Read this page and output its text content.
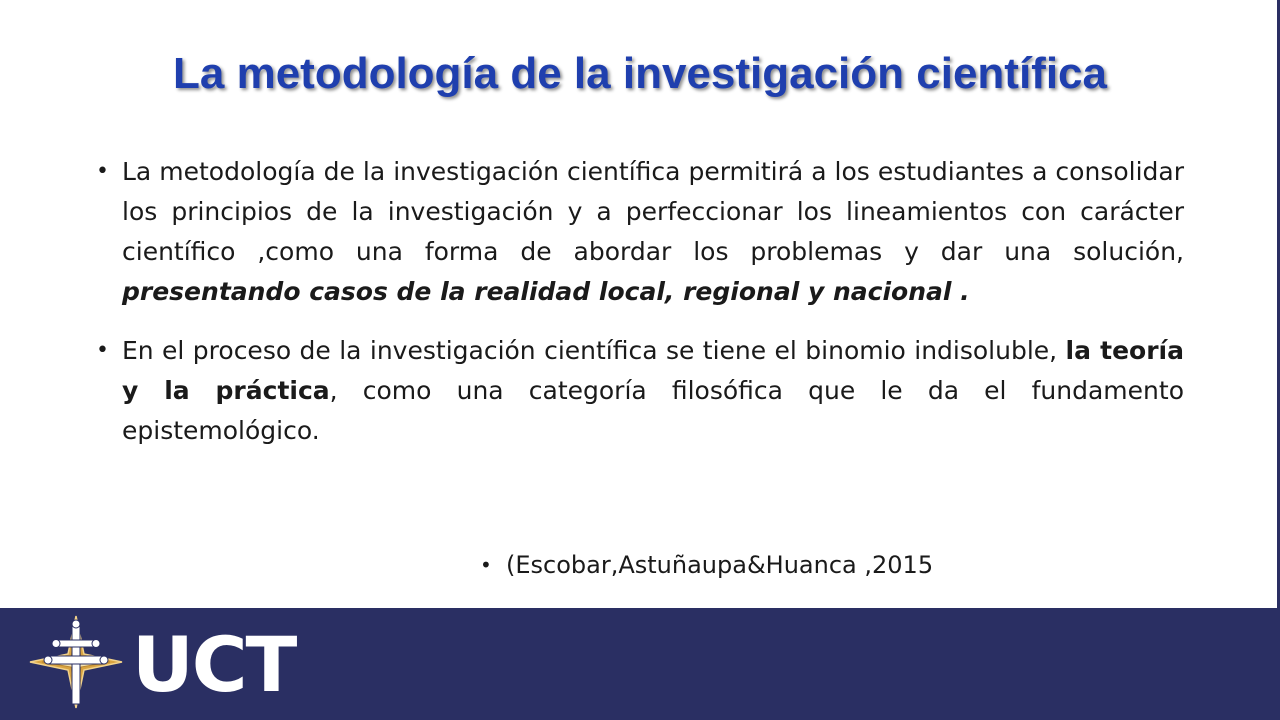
La metodología de la investigación científica

• La metodología de la investigación científica permitirá a los estudiantes a consolidar los principios de la investigación y a perfeccionar los lineamientos con carácter científico ,como una forma de abordar los problemas y dar una solución, presentando casos de la realidad local, regional y nacional .

• En el proceso de la investigación científica se tiene el binomio indisoluble, la teoría y la práctica, como una categoría filosófica que le da el fundamento epistemológico.

• (Escobar,Astuñaupa&Huanca ,2015
UCT
